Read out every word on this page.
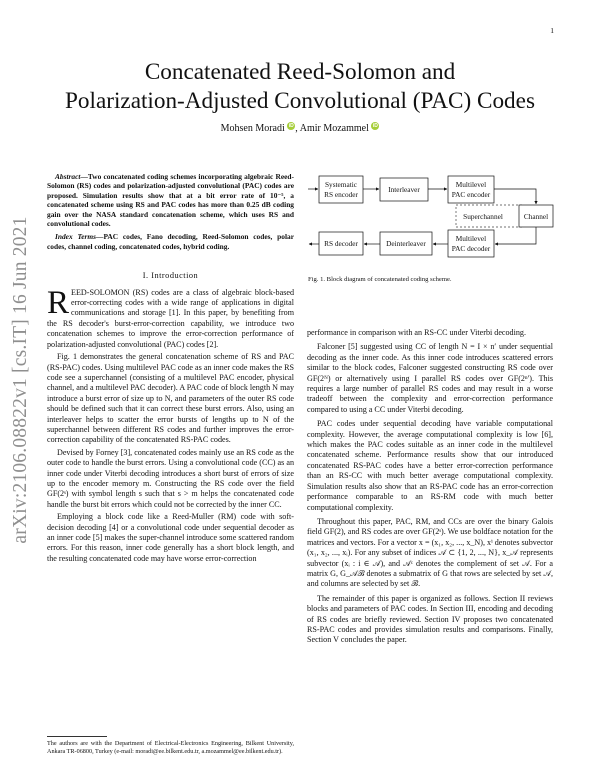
1
arXiv:2106.08822v1 [cs.IT] 16 Jun 2021
Concatenated Reed-Solomon and
Polarization-Adjusted Convolutional (PAC) Codes
Mohsen Moradi iD , Amir Mozammel iD
Abstract—Two concatenated coding schemes incorporating algebraic Reed-Solomon (RS) codes and polarization-adjusted convolutional (PAC) codes are proposed. Simulation results show that at a bit error rate of 10⁻⁵, a concatenated scheme using RS and PAC codes has more than 0.25 dB coding gain over the NASA standard concatenation scheme, which uses RS and convolutional codes.
Index Terms—PAC codes, Fano decoding, Reed-Solomon codes, polar codes, channel coding, concatenated codes, hybrid coding.
I. Introduction

REED-SOLOMON (RS) codes are a class of algebraic block-based error-correcting codes with a wide range of applications in digital communications and storage [1]. In this paper, by benefiting from the RS decoder's burst-error-correction capability, we introduce two concatenation schemes to improve the error-correction performance of polarization-adjusted convolutional (PAC) codes [2].

Fig. 1 demonstrates the general concatenation scheme of RS and PAC (RS-PAC) codes. Using multilevel PAC code as an inner code makes the RS code see a superchannel (consisting of a multilevel PAC encoder, physical channel, and a multilevel PAC decoder). A PAC code of block length N may introduce a burst error of size up to N, and parameters of the outer RS code should be defined such that it can correct these burst errors. Also, using an interleaver helps to scatter the error bursts of lengths up to N of the superchannel between different RS codes and further improves the error-correction capability of the concatenated RS-PAC codes.

Devised by Forney [3], concatenated codes mainly use an RS code as the outer code to handle the burst errors. Using a convolutional code (CC) as an inner code under Viterbi decoding introduces a short burst of errors of size up to the encoder memory m. Constructing the RS code over the field GF(2ˢ) with symbol length s such that s > m helps the concatenated code handle the burst bit errors which could not be corrected by the inner CC.

Employing a block code like a Reed-Muller (RM) code with soft-decision decoding [4] or a convolutional code under sequential decoder as an inner code [5] makes the super-channel introduce some scattered random errors. For this reason, inner code generally has a short block length, and the resulting concatenated code may have worse error-correction

The authors are with the Department of Electrical-Electronics Engineering, Bilkent University, Ankara TR-06800, Turkey (e-mail: moradi@ee.bilkent.edu.tr, a.mozammel@ee.bilkent.edu.tr).
Systematic
RS encoder
Interleaver
Multilevel
PAC encoder
Channel
Superchannel
Multilevel
PAC decoder
Deinterleaver
RS decoder
Fig. 1. Block diagram of concatenated coding scheme.

performance in comparison with an RS-CC under Viterbi decoding.

Falconer [5] suggested using CC of length N = I × n′ under sequential decoding as the inner code. As this inner code introduces scattered errors similar to the block codes, Falconer suggested constructing RS code over GF(2ᴺ) or alternatively using I parallel RS codes over GF(2ⁿ′). This requires a large number of parallel RS codes and may result in a worse tradeoff between the complexity and error-correction performance compared to using a CC under Viterbi decoding.

PAC codes under sequential decoding have variable computational complexity. However, the average computational complexity is low [6], which makes the PAC codes suitable as an inner code in the multilevel concatenated scheme. Performance results show that our introduced concatenated RS-PAC codes have a better error-correction performance than an RS-CC with much better average computational complexity. Simulation results also show that an RS-PAC code has an error-correction performance comparable to an RS-RM code with much better computational complexity.

Throughout this paper, PAC, RM, and CCs are over the binary Galois field GF(2), and RS codes are over GF(2ˢ). We use boldface notation for the matrices and vectors. For a vector x = (x₁, x₂, ..., x_N), xⁱ denotes subvector (x₁, x₂, ..., xᵢ). For any subset of indices 𝒜 ⊂ {1, 2, ..., N}, x_𝒜 represents subvector (xᵢ : i ∈ 𝒜), and 𝒜ᶜ denotes the complement of set 𝒜. For a matrix G, G_𝒜ℬ denotes a submatrix of G that rows are selected by set 𝒜, and columns are selected by set ℬ.

The remainder of this paper is organized as follows. Section II reviews blocks and parameters of PAC codes. In Section III, encoding and decoding of RS codes are briefly reviewed. Section IV proposes two concatenated RS-PAC codes and provides simulation results and comparisons. Finally, Section V concludes the paper.
